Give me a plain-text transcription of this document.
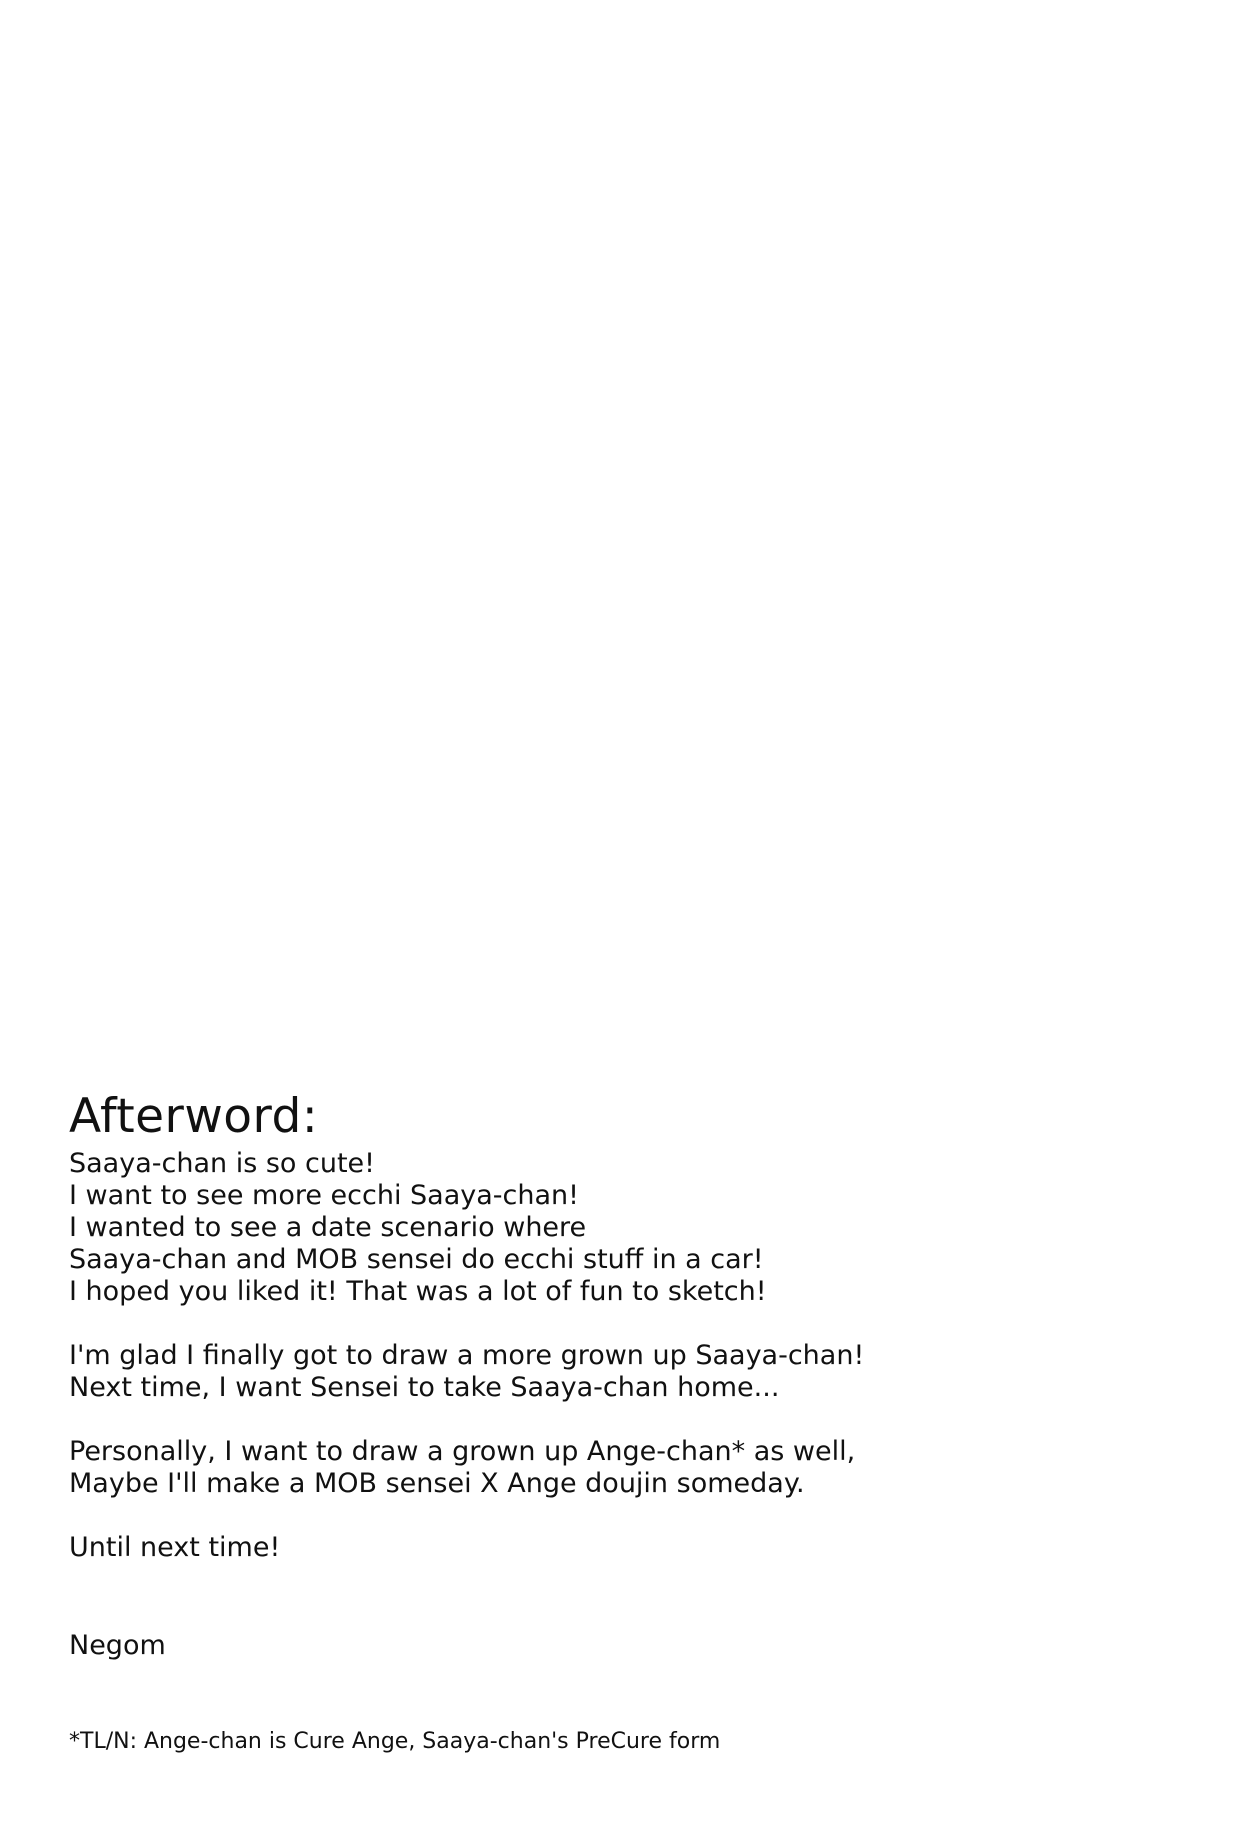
Afterword:

Saaya-chan is so cute!
I want to see more ecchi Saaya-chan!
I wanted to see a date scenario where
Saaya-chan and MOB sensei do ecchi stuff in a car!
I hoped you liked it! That was a lot of fun to sketch!

I'm glad I finally got to draw a more grown up Saaya-chan!
Next time, I want Sensei to take Saaya-chan home...

Personally, I want to draw a grown up Ange-chan* as well,
Maybe I'll make a MOB sensei X Ange doujin someday.

Until next time!

Negom

*TL/N: Ange-chan is Cure Ange, Saaya-chan's PreCure form
